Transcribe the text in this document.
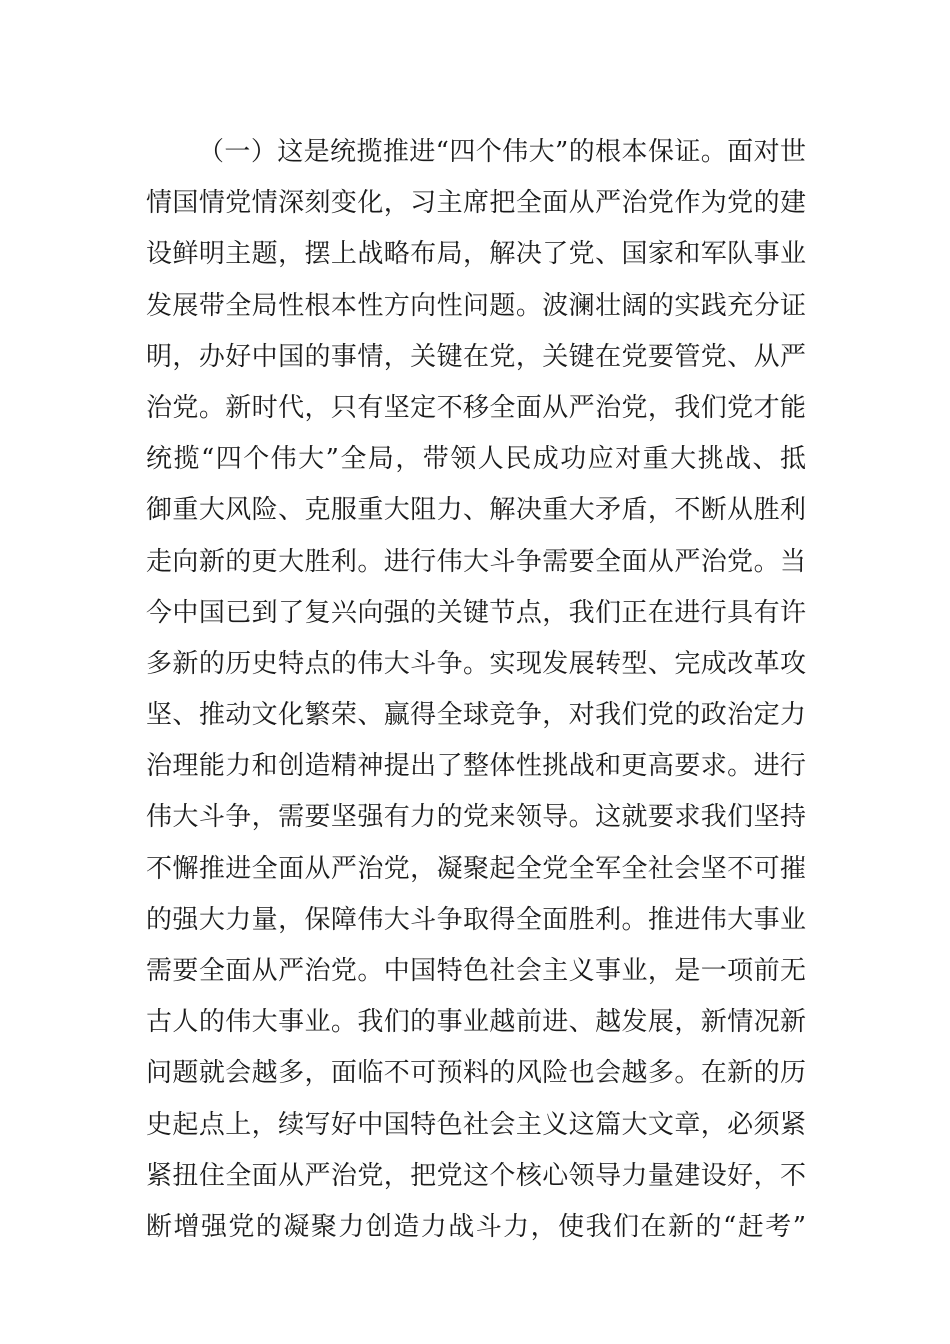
（一）这是统揽推进“四个伟大”的根本保证。面对世
情国情党情深刻变化，习主席把全面从严治党作为党的建
设鲜明主题，摆上战略布局，解决了党、国家和军队事业
发展带全局性根本性方向性问题。波澜壮阔的实践充分证
明，办好中国的事情，关键在党，关键在党要管党、从严
治党。新时代，只有坚定不移全面从严治党，我们党才能
统揽“四个伟大”全局，带领人民成功应对重大挑战、抵
御重大风险、克服重大阻力、解决重大矛盾，不断从胜利
走向新的更大胜利。进行伟大斗争需要全面从严治党。当
今中国已到了复兴向强的关键节点，我们正在进行具有许
多新的历史特点的伟大斗争。实现发展转型、完成改革攻
坚、推动文化繁荣、赢得全球竞争，对我们党的政治定力
治理能力和创造精神提出了整体性挑战和更高要求。进行
伟大斗争，需要坚强有力的党来领导。这就要求我们坚持
不懈推进全面从严治党，凝聚起全党全军全社会坚不可摧
的强大力量，保障伟大斗争取得全面胜利。推进伟大事业
需要全面从严治党。中国特色社会主义事业，是一项前无
古人的伟大事业。我们的事业越前进、越发展，新情况新
问题就会越多，面临不可预料的风险也会越多。在新的历
史起点上，续写好中国特色社会主义这篇大文章，必须紧
紧扭住全面从严治党，把党这个核心领导力量建设好，不
断增强党的凝聚力创造力战斗力，使我们在新的“赶考”
